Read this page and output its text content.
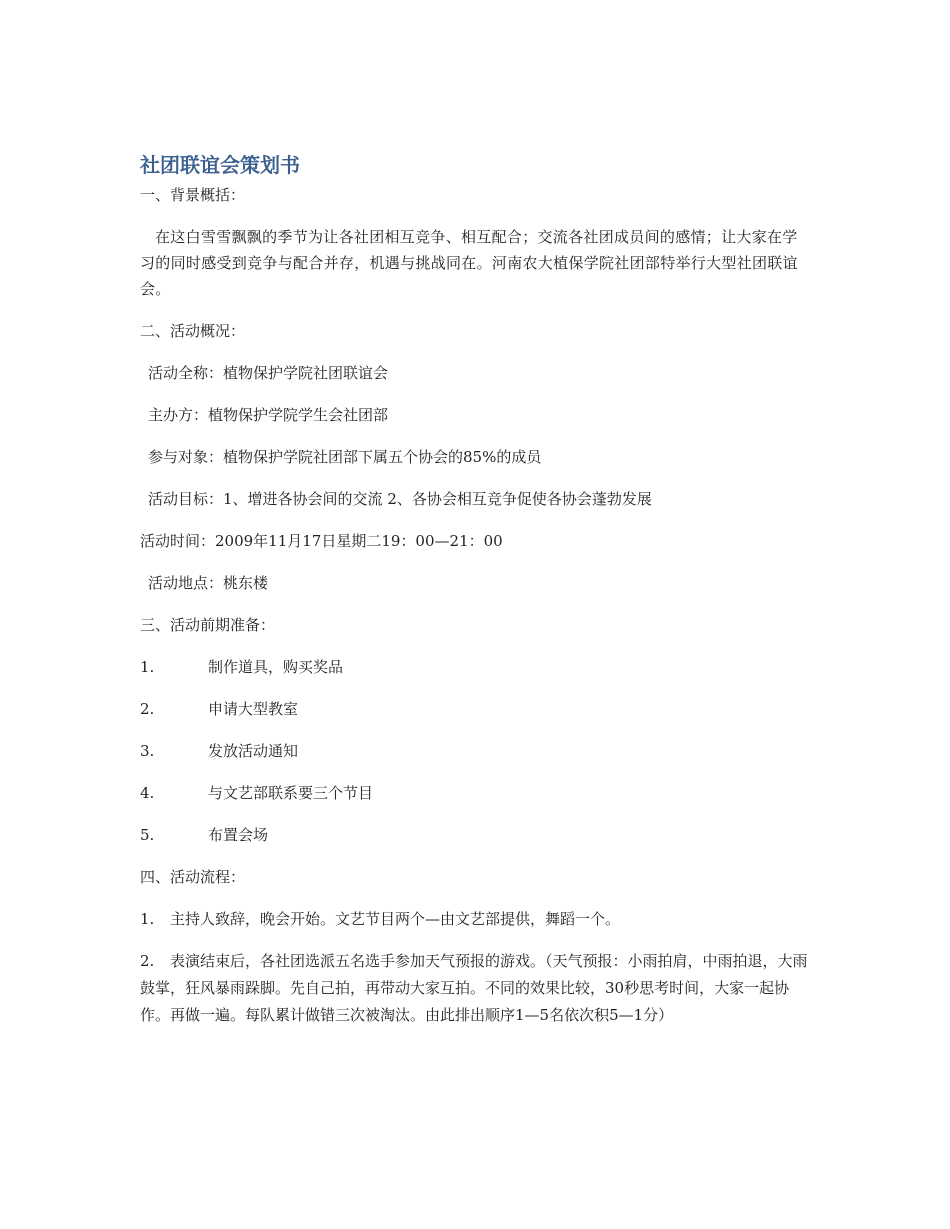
社团联谊会策划书

一、背景概括：

在这白雪雪飘飘的季节为让各社团相互竞争、相互配合；交流各社团成员间的感情；让大家在学习的同时感受到竞争与配合并存，机遇与挑战同在。河南农大植保学院社团部特举行大型社团联谊会。

二、活动概况：

活动全称：植物保护学院社团联谊会

主办方：植物保护学院学生会社团部

参与对象：植物保护学院社团部下属五个协会的85%的成员

活动目标：1、增进各协会间的交流 2、各协会相互竞争促使各协会蓬勃发展

活动时间：2009年11月17日星期二19：00—21：00

活动地点：桃东楼

三、活动前期准备：

1.	制作道具，购买奖品
2.	申请大型教室
3.	发放活动通知
4.	与文艺部联系要三个节目
5.	布置会场

四、活动流程：

1. 主持人致辞，晚会开始。文艺节目两个—由文艺部提供，舞蹈一个。

2. 表演结束后，各社团选派五名选手参加天气预报的游戏。（天气预报：小雨拍肩，中雨拍退，大雨鼓掌，狂风暴雨跺脚。先自己拍，再带动大家互拍。不同的效果比较，30秒思考时间，大家一起协作。再做一遍。每队累计做错三次被淘汰。由此排出顺序1—5名依次积5—1分）
